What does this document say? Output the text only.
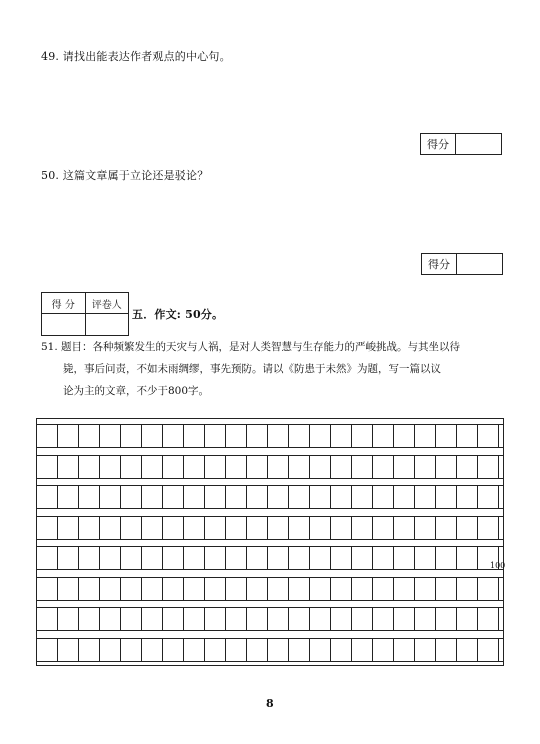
49. 请找出能表达作者观点的中心句。
得分
50. 这篇文章属于立论还是驳论？
得分
得 分	评卷人
五．作文: 50分。
51. 题目：各种频繁发生的天灾与人祸，是对人类智慧与生存能力的严峻挑战。与其坐以待
毙，事后问责，不如未雨绸缪，事先预防。请以《防患于未然》为题，写一篇以议
论为主的文章，不少于800字。
100
8
